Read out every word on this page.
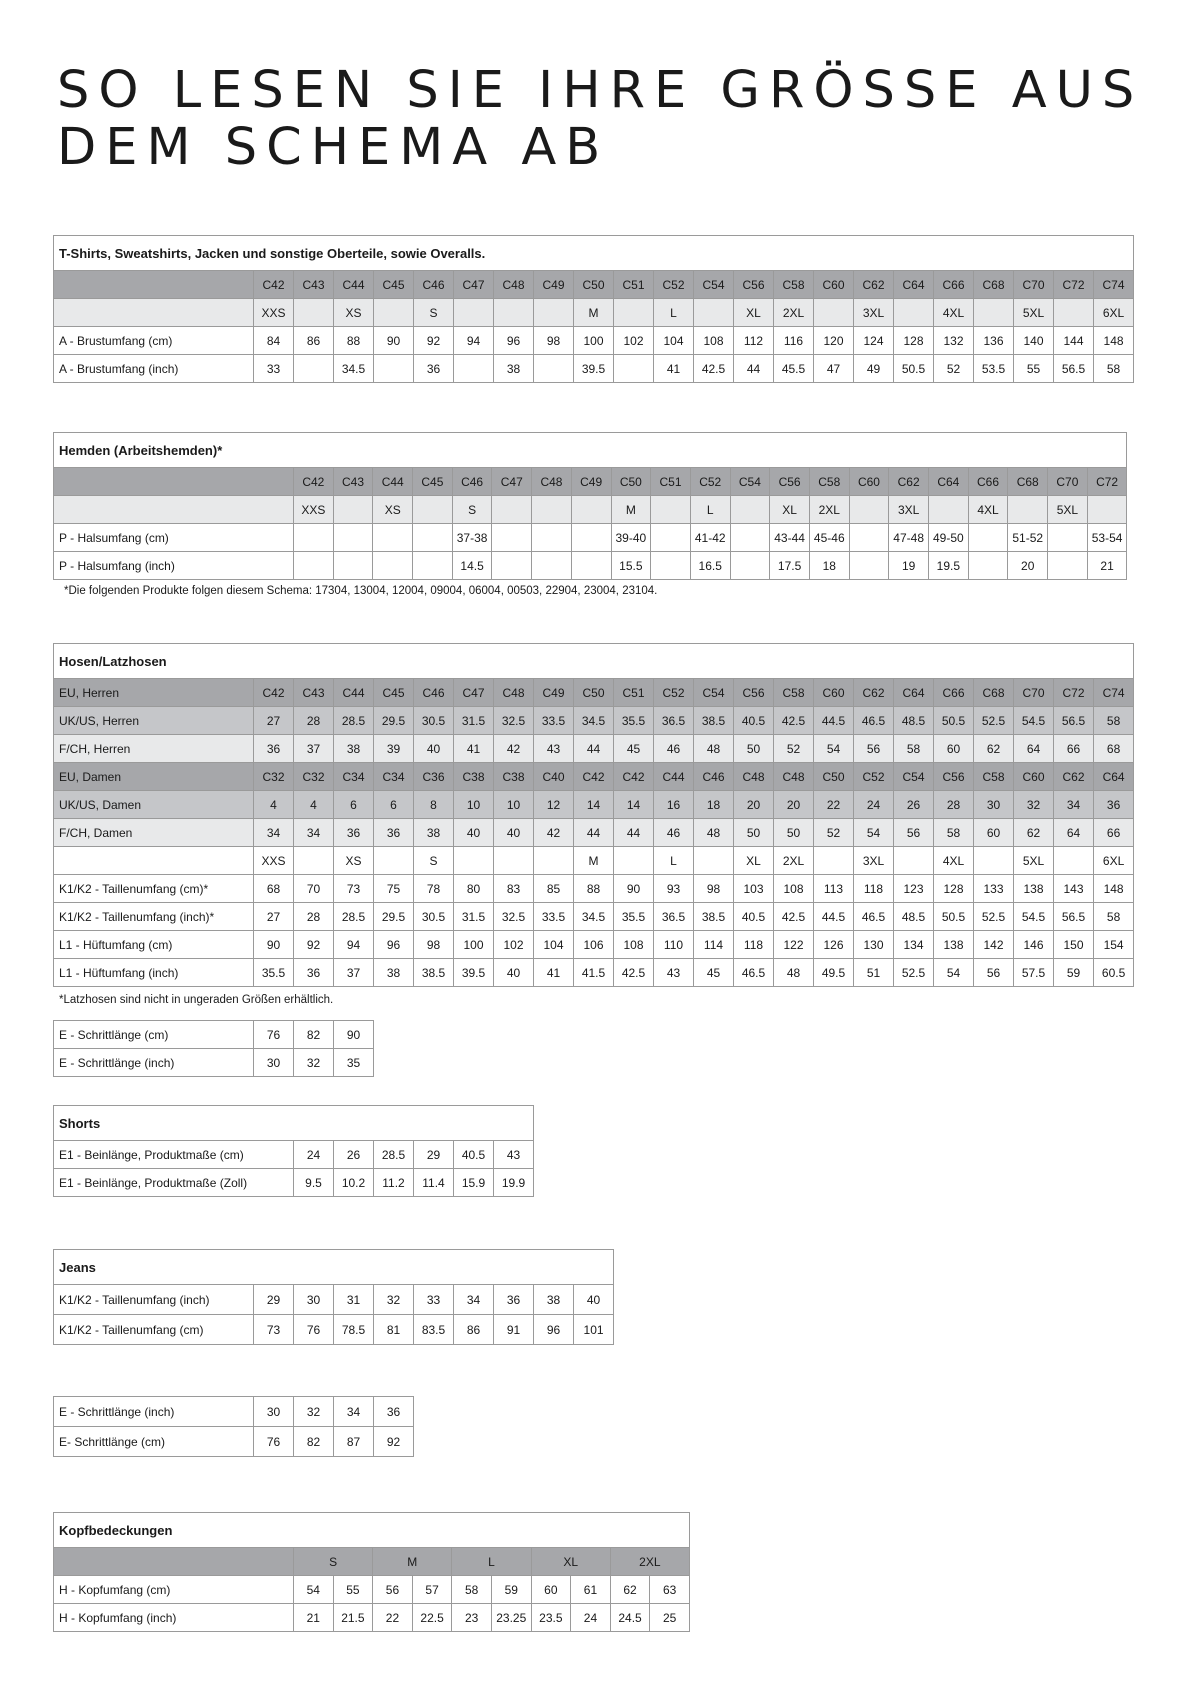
SO LESEN SIE IHRE GRÖSSE AUS
DEM SCHEMA AB
T-Shirts, Sweatshirts, Jacken und sonstige Oberteile, sowie Overalls.																						
	C42	C43	C44	C45	C46	C47	C48	C49	C50	C51	C52	C54	C56	C58	C60	C62	C64	C66	C68	C70	C72	C74
	XXS		XS		S				M		L		XL	2XL		3XL		4XL		5XL		6XL
A - Brustumfang (cm)	84	86	88	90	92	94	96	98	100	102	104	108	112	116	120	124	128	132	136	140	144	148
A - Brustumfang (inch)	33		34.5		36		38		39.5		41	42.5	44	45.5	47	49	50.5	52	53.5	55	56.5	58
Hemden (Arbeitshemden)*																					
	C42	C43	C44	C45	C46	C47	C48	C49	C50	C51	C52	C54	C56	C58	C60	C62	C64	C66	C68	C70	C72
	XXS		XS		S				M		L		XL	2XL		3XL		4XL		5XL	
P - Halsumfang (cm)					37-38				39-40		41-42		43-44	45-46		47-48	49-50		51-52		53-54
P - Halsumfang (inch)					14.5				15.5		16.5		17.5	18		19	19.5		20		21
*Die folgenden Produkte folgen diesem Schema: 17304, 13004, 12004, 09004, 06004, 00503, 22904, 23004, 23104.
Hosen/Latzhosen																						
EU, Herren	C42	C43	C44	C45	C46	C47	C48	C49	C50	C51	C52	C54	C56	C58	C60	C62	C64	C66	C68	C70	C72	C74
UK/US, Herren	27	28	28.5	29.5	30.5	31.5	32.5	33.5	34.5	35.5	36.5	38.5	40.5	42.5	44.5	46.5	48.5	50.5	52.5	54.5	56.5	58
F/CH, Herren	36	37	38	39	40	41	42	43	44	45	46	48	50	52	54	56	58	60	62	64	66	68
EU, Damen	C32	C32	C34	C34	C36	C38	C38	C40	C42	C42	C44	C46	C48	C48	C50	C52	C54	C56	C58	C60	C62	C64
UK/US, Damen	4	4	6	6	8	10	10	12	14	14	16	18	20	20	22	24	26	28	30	32	34	36
F/CH, Damen	34	34	36	36	38	40	40	42	44	44	46	48	50	50	52	54	56	58	60	62	64	66
	XXS		XS		S				M		L		XL	2XL		3XL		4XL		5XL		6XL
K1/K2 - Taillenumfang (cm)*	68	70	73	75	78	80	83	85	88	90	93	98	103	108	113	118	123	128	133	138	143	148
K1/K2 - Taillenumfang (inch)*	27	28	28.5	29.5	30.5	31.5	32.5	33.5	34.5	35.5	36.5	38.5	40.5	42.5	44.5	46.5	48.5	50.5	52.5	54.5	56.5	58
L1 - Hüftumfang (cm)	90	92	94	96	98	100	102	104	106	108	110	114	118	122	126	130	134	138	142	146	150	154
L1 - Hüftumfang (inch)	35.5	36	37	38	38.5	39.5	40	41	41.5	42.5	43	45	46.5	48	49.5	51	52.5	54	56	57.5	59	60.5
*Latzhosen sind nicht in ungeraden Größen erhältlich.
E - Schrittlänge (cm)	76	82	90
E - Schrittlänge (inch)	30	32	35
Shorts						
E1 - Beinlänge, Produktmaße (cm)	24	26	28.5	29	40.5	43
E1 - Beinlänge, Produktmaße (Zoll)	9.5	10.2	11.2	11.4	15.9	19.9
Jeans									
K1/K2 - Taillenumfang (inch)	29	30	31	32	33	34	36	38	40
K1/K2 - Taillenumfang (cm)	73	76	78.5	81	83.5	86	91	96	101
E - Schrittlänge (inch)	30	32	34	36
E- Schrittlänge (cm)	76	82	87	92
Kopfbedeckungen										
	S		M		L		XL		2XL	
H - Kopfumfang (cm)	54	55	56	57	58	59	60	61	62	63
H - Kopfumfang (inch)	21	21.5	22	22.5	23	23.25	23.5	24	24.5	25
